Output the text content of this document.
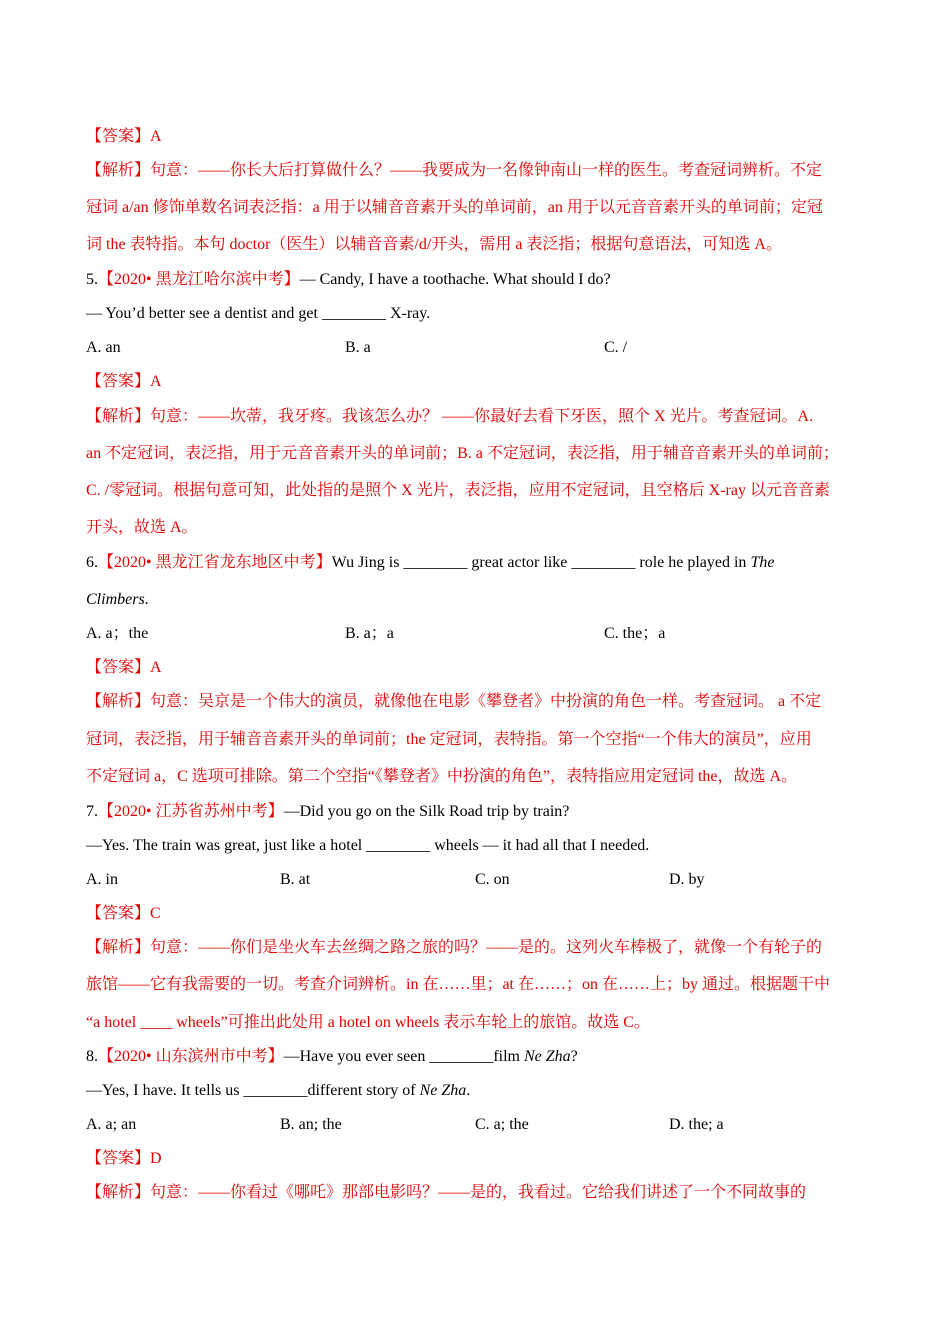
【答案】A
【解析】句意：——你长大后打算做什么？——我要成为一名像钟南山一样的医生。考查冠词辨析。不定
冠词 a/an 修饰单数名词表泛指：a 用于以辅音音素开头的单词前，an 用于以元音音素开头的单词前；定冠
词 the 表特指。本句 doctor（医生）以辅音音素/d/开头，需用 a 表泛指；根据句意语法，可知选 A。
5.【2020• 黑龙江哈尔滨中考】— Candy, I have a toothache. What should I do?
— You’d better see a dentist and get ________ X-ray.
A. an	B. a	C. /
【答案】A
【解析】句意：——坎蒂，我牙疼。我该怎么办？ ——你最好去看下牙医，照个 X 光片。考查冠词。A.
an 不定冠词，表泛指，用于元音音素开头的单词前；B. a 不定冠词，表泛指，用于辅音音素开头的单词前；
C. /零冠词。根据句意可知，此处指的是照个 X 光片，表泛指，应用不定冠词，且空格后 X-ray 以元音音素
开头，故选 A。
6.【2020• 黑龙江省龙东地区中考】Wu Jing is ________ great actor like ________ role he played in The
Climbers.
A. a；the	B. a；a	C. the；a
【答案】A
【解析】句意：吴京是一个伟大的演员，就像他在电影《攀登者》中扮演的角色一样。考查冠词。 a 不定
冠词，表泛指，用于辅音音素开头的单词前；the 定冠词，表特指。第一个空指“一个伟大的演员”，应用
不定冠词 a，C 选项可排除。第二个空指“《攀登者》中扮演的角色”，表特指应用定冠词 the，故选 A。
7.【2020• 江苏省苏州中考】—Did you go on the Silk Road trip by train?
—Yes. The train was great, just like a hotel ________ wheels — it had all that I needed.
A. in	B. at	C. on	D. by
【答案】C
【解析】句意：——你们是坐火车去丝绸之路之旅的吗？——是的。这列火车棒极了，就像一个有轮子的
旅馆——它有我需要的一切。考查介词辨析。in 在……里；at 在……；on 在……上；by 通过。根据题干中
“a hotel ____ wheels”可推出此处用 a hotel on wheels 表示车轮上的旅馆。故选 C。
8.【2020• 山东滨州市中考】—Have you ever seen ________film Ne Zha?
—Yes, I have. It tells us ________different story of Ne Zha.
A. a; an	B. an; the	C. a; the	D. the; a
【答案】D
【解析】句意：——你看过《哪吒》那部电影吗？——是的，我看过。它给我们讲述了一个不同故事的
